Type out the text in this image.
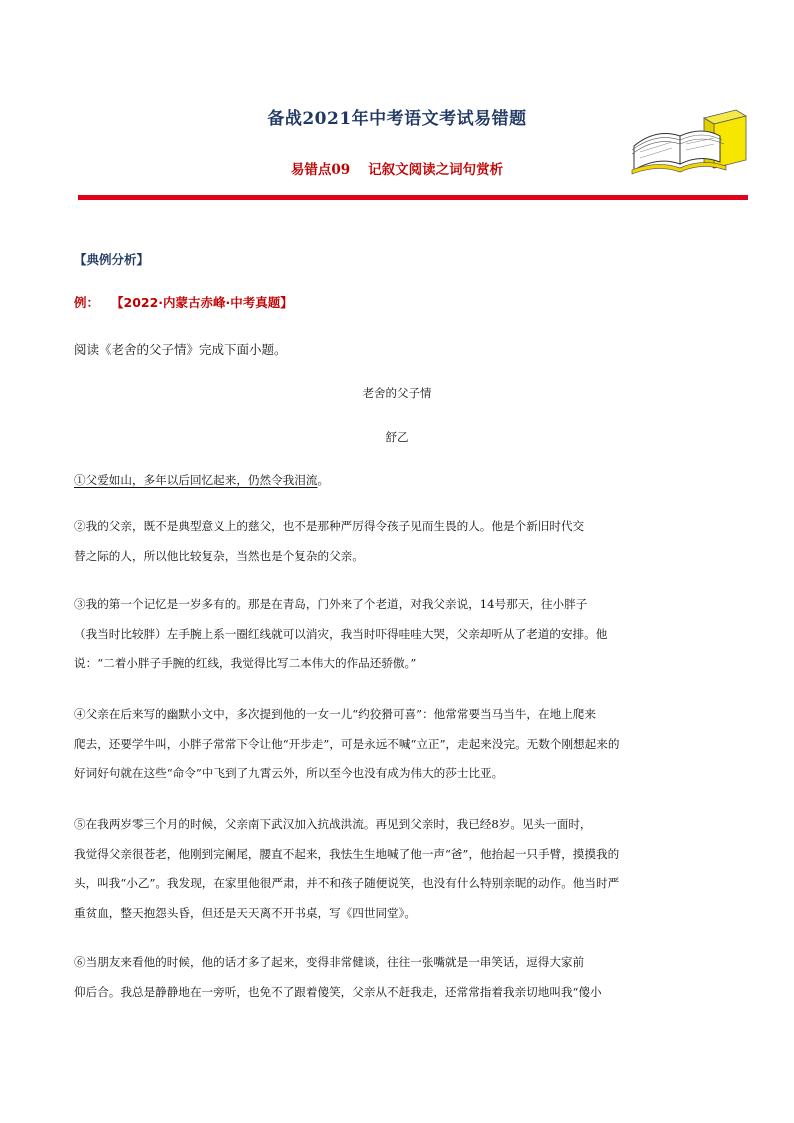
备战2021年中考语文考试易错题
易错点09 记叙文阅读之词句赏析
【典例分析】
例： 【2022·内蒙古赤峰·中考真题】
阅读《老舍的父子情》完成下面小题。
老舍的父子情
舒乙
①父爱如山，多年以后回忆起来，仍然令我泪流。
②我的父亲，既不是典型意义上的慈父，也不是那种严厉得令孩子见而生畏的人。他是个新旧时代交
替之际的人，所以他比较复杂，当然也是个复杂的父亲。
③我的第一个记忆是一岁多有的。那是在青岛，门外来了个老道，对我父亲说，14号那天，往小胖子
（我当时比较胖）左手腕上系一圈红线就可以消灾，我当时吓得哇哇大哭，父亲却听从了老道的安排。他
说：“二着小胖子手腕的红线，我觉得比写二本伟大的作品还骄傲。”
④父亲在后来写的幽默小文中，多次提到他的一女一儿“约狡猾可喜”：他常常要当马当牛，在地上爬来
爬去，还要学牛叫，小胖子常常下令让他“开步走”，可是永远不喊“立正”，走起来没完。无数个刚想起来的
好词好句就在这些“命令”中飞到了九霄云外，所以至今也没有成为伟大的莎士比亚。
⑤在我两岁零三个月的时候，父亲南下武汉加入抗战洪流。再见到父亲时，我已经8岁。见头一面时，
我觉得父亲很苍老，他刚到完阑尾，腰直不起来，我怯生生地喊了他一声“爸”，他抬起一只手臂，摸摸我的
头，叫我“小乙”。我发现，在家里他很严肃，并不和孩子随便说笑，也没有什么特别亲昵的动作。他当时严
重贫血，整天抱怨头昏，但还是天天离不开书桌，写《四世同堂》。
⑥当朋友来看他的时候，他的话才多了起来，变得非常健谈，往往一张嘴就是一串笑话，逗得大家前
仰后合。我总是静静地在一旁听，也免不了跟着傻笑，父亲从不赶我走，还常常指着我亲切地叫我“傻小
